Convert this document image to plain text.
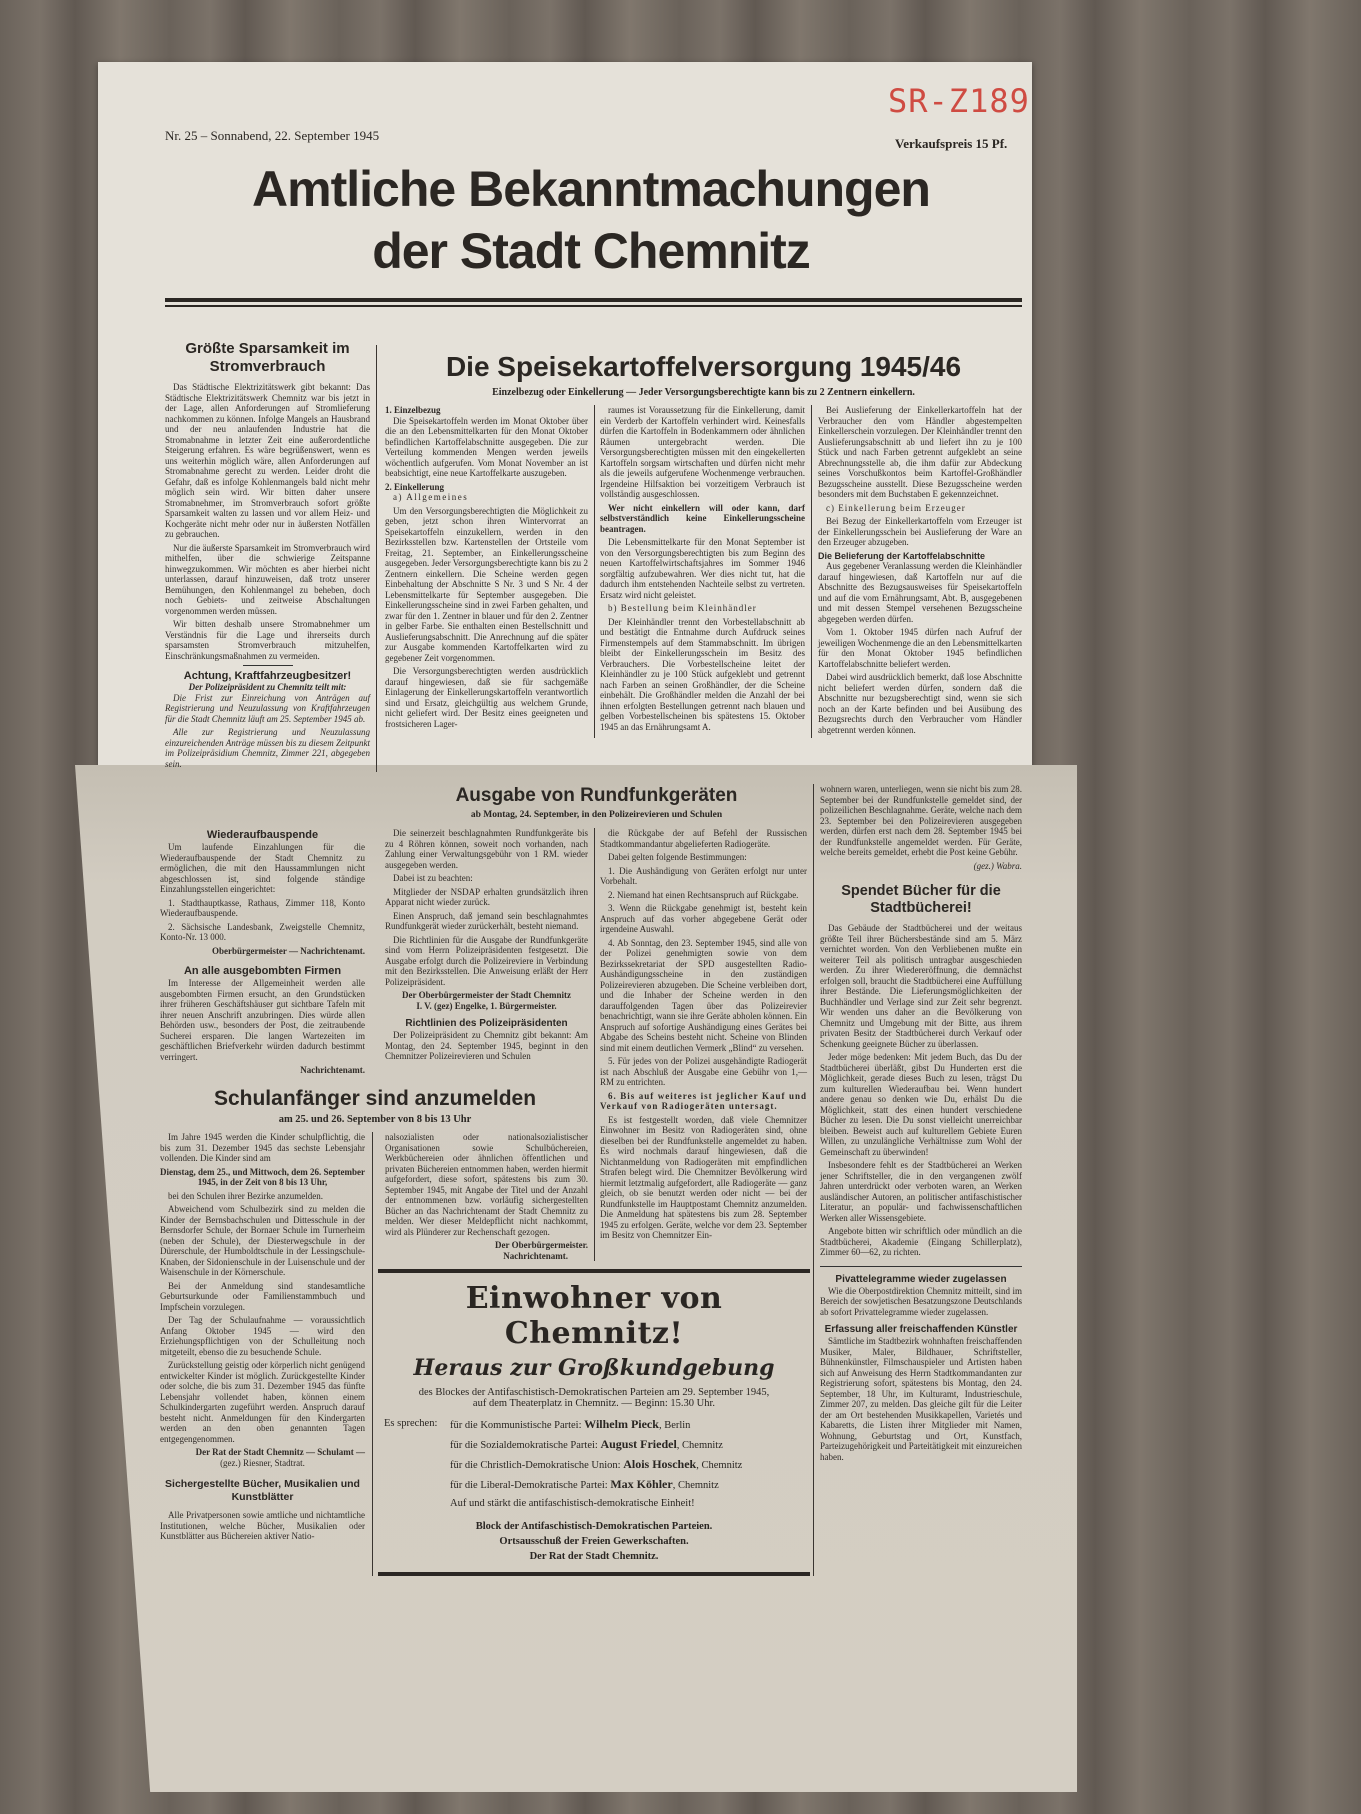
SR-Z189
Nr. 25 – Sonnabend, 22. September 1945
Verkaufspreis 15 Pf.
Amtliche Bekanntmachungen
der Stadt Chemnitz
Größte Sparsamkeit im Stromverbrauch

Das Städtische Elektrizitätswerk gibt bekannt: Das Städtische Elektrizitätswerk Chemnitz war bis jetzt in der Lage, allen Anforderungen auf Stromlieferung nachkommen zu können. Infolge Mangels an Hausbrand und der neu anlaufenden Industrie hat die Stromabnahme in letzter Zeit eine außerordentliche Steigerung erfahren. Es wäre begrüßenswert, wenn es uns weiterhin möglich wäre, allen Anforderungen auf Stromabnahme gerecht zu werden. Leider droht die Gefahr, daß es infolge Kohlenmangels bald nicht mehr möglich sein wird. Wir bitten daher unsere Stromabnehmer, im Stromverbrauch sofort größte Sparsamkeit walten zu lassen und vor allem Heiz- und Kochgeräte nicht mehr oder nur in äußersten Notfällen zu gebrauchen.

Nur die äußerste Sparsamkeit im Stromverbrauch wird mithelfen, über die schwierige Zeitspanne hinwegzukommen. Wir möchten es aber hierbei nicht unterlassen, darauf hinzuweisen, daß trotz unserer Bemühungen, den Kohlenmangel zu beheben, doch noch Gebiets- und zeitweise Abschaltungen vorgenommen werden müssen.

Wir bitten deshalb unsere Stromabnehmer um Verständnis für die Lage und ihrerseits durch sparsamsten Stromverbrauch mitzuhelfen, Einschränkungsmaßnahmen zu vermeiden.

Achtung, Kraftfahrzeugbesitzer!
Der Polizeipräsident zu Chemnitz teilt mit:

Die Frist zur Einreichung von Anträgen auf Registrierung und Neuzulassung von Kraftfahrzeugen für die Stadt Chemnitz läuft am 25. September 1945 ab.

Alle zur Registrierung und Neuzulassung einzureichenden Anträge müssen bis zu diesem Zeitpunkt im Polizeipräsidium Chemnitz, Zimmer 221, abgegeben sein.

Die Speisekartoffelversorgung 1945/46
Einzelbezug oder Einkellerung — Jeder Versorgungsberechtigte kann bis zu 2 Zentnern einkellern.
1. Einzelbezug

Die Speisekartoffeln werden im Monat Oktober über die an den Lebensmittelkarten für den Monat Oktober befindlichen Kartoffelabschnitte ausgegeben. Die zur Verteilung kommenden Mengen werden jeweils wöchentlich aufgerufen. Vom Monat November an ist beabsichtigt, eine neue Kartoffelkarte auszugeben.

2. Einkellerung

a) Allgemeines

Um den Versorgungsberechtigten die Möglichkeit zu geben, jetzt schon ihren Wintervorrat an Speisekartoffeln einzukellern, werden in den Bezirksstellen bzw. Kartenstellen der Ortsteile vom Freitag, 21. September, an Einkellerungsscheine ausgegeben. Jeder Versorgungsberechtigte kann bis zu 2 Zentnern einkellern. Die Scheine werden gegen Einbehaltung der Abschnitte S Nr. 3 und S Nr. 4 der Lebensmittelkarte für September ausgegeben. Die Einkellerungsscheine sind in zwei Farben gehalten, und zwar für den 1. Zentner in blauer und für den 2. Zentner in gelber Farbe. Sie enthalten einen Bestellschnitt und Auslieferungsabschnitt. Die Anrechnung auf die später zur Ausgabe kommenden Kartoffelkarten wird zu gegebener Zeit vorgenommen.

Die Versorgungsberechtigten werden ausdrücklich darauf hingewiesen, daß sie für sachgemäße Einlagerung der Einkellerungskartoffeln verantwortlich sind und Ersatz, gleichgültig aus welchem Grunde, nicht geliefert wird. Der Besitz eines geeigneten und frostsicheren Lager-

raumes ist Voraussetzung für die Einkellerung, damit ein Verderb der Kartoffeln verhindert wird. Keinesfalls dürfen die Kartoffeln in Bodenkammern oder ähnlichen Räumen untergebracht werden. Die Versorgungsberechtigten müssen mit den eingekellerten Kartoffeln sorgsam wirtschaften und dürfen nicht mehr als die jeweils aufgerufene Wochenmenge verbrauchen. Irgendeine Hilfsaktion bei vorzeitigem Verbrauch ist vollständig ausgeschlossen.

Wer nicht einkellern will oder kann, darf selbstverständlich keine Einkellerungsscheine beantragen.

Die Lebensmittelkarte für den Monat September ist von den Versorgungsberechtigten bis zum Beginn des neuen Kartoffelwirtschaftsjahres im Sommer 1946 sorgfältig aufzubewahren. Wer dies nicht tut, hat die dadurch ihm entstehenden Nachteile selbst zu vertreten. Ersatz wird nicht geleistet.

b) Bestellung beim Kleinhändler

Der Kleinhändler trennt den Vorbestellabschnitt ab und bestätigt die Entnahme durch Aufdruck seines Firmenstempels auf dem Stammabschnitt. Im übrigen bleibt der Einkellerungsschein im Besitz des Verbrauchers. Die Vorbestellscheine leitet der Kleinhändler zu je 100 Stück aufgeklebt und getrennt nach Farben an seinen Großhändler, der die Scheine einbehält. Die Großhändler melden die Anzahl der bei ihnen erfolgten Bestellungen getrennt nach blauen und gelben Vorbestellscheinen bis spätestens 15. Oktober 1945 an das Ernährungsamt A.

Bei Auslieferung der Einkellerkartoffeln hat der Verbraucher den vom Händler abgestempelten Einkellerschein vorzulegen. Der Kleinhändler trennt den Auslieferungsabschnitt ab und liefert ihn zu je 100 Stück und nach Farben getrennt aufgeklebt an seine Abrechnungsstelle ab, die ihm dafür zur Abdeckung seines Vorschußkontos beim Kartoffel-Großhändler Bezugsscheine ausstellt. Diese Bezugsscheine werden besonders mit dem Buchstaben E gekennzeichnet.

c) Einkellerung beim Erzeuger

Bei Bezug der Einkellerkartoffeln vom Erzeuger ist der Einkellerungsschein bei Auslieferung der Ware an den Erzeuger abzugeben.

Die Belieferung der Kartoffelabschnitte

Aus gegebener Veranlassung werden die Kleinhändler darauf hingewiesen, daß Kartoffeln nur auf die Abschnitte des Bezugsausweises für Speisekartoffeln und auf die vom Ernährungsamt, Abt. B, ausgegebenen und mit dessen Stempel versehenen Bezugsscheine abgegeben werden dürfen.

Vom 1. Oktober 1945 dürfen nach Aufruf der jeweiligen Wochenmenge die an den Lebensmittelkarten für den Monat Oktober 1945 befindlichen Kartoffelabschnitte beliefert werden.

Dabei wird ausdrücklich bemerkt, daß lose Abschnitte nicht beliefert werden dürfen, sondern daß die Abschnitte nur bezugsberechtigt sind, wenn sie sich noch an der Karte befinden und bei Ausübung des Bezugsrechts durch den Verbraucher vom Händler abgetrennt werden können.

Ausgabe von Rundfunkgeräten
ab Montag, 24. September, in den Polizeirevieren und Schulen

Die seinerzeit beschlagnahmten Rundfunkgeräte bis zu 4 Röhren können, soweit noch vorhanden, nach Zahlung einer Verwaltungsgebühr von 1 RM. wieder ausgegeben werden.

Dabei ist zu beachten:

Mitglieder der NSDAP erhalten grundsätzlich ihren Apparat nicht wieder zurück.

Einen Anspruch, daß jemand sein beschlagnahmtes Rundfunkgerät wieder zurückerhält, besteht niemand.

Die Richtlinien für die Ausgabe der Rundfunkgeräte sind vom Herrn Polizeipräsidenten festgesetzt. Die Ausgabe erfolgt durch die Polizeireviere in Verbindung mit den Bezirksstellen. Die Anweisung erläßt der Herr Polizeipräsident.

Der Oberbürgermeister der Stadt Chemnitz
I. V. (gez) Engelke, 1. Bürgermeister.
Richtlinien des Polizeipräsidenten

Der Polizeipräsident zu Chemnitz gibt bekannt: Am Montag, den 24. September 1945, beginnt in den Chemnitzer Polizeirevieren und Schulen

die Rückgabe der auf Befehl der Russischen Stadtkommandantur abgelieferten Radiogeräte.

Dabei gelten folgende Bestimmungen:

1. Die Aushändigung von Geräten erfolgt nur unter Vorbehalt.

2. Niemand hat einen Rechtsanspruch auf Rückgabe.

3. Wenn die Rückgabe genehmigt ist, besteht kein Anspruch auf das vorher abgegebene Gerät oder irgendeine Auswahl.

4. Ab Sonntag, den 23. September 1945, sind alle von der Polizei genehmigten sowie von dem Bezirkssekretariat der SPD ausgestellten Radio-Aushändigungsscheine in den zuständigen Polizeirevieren abzugeben. Die Scheine verbleiben dort, und die Inhaber der Scheine werden in den darauffolgenden Tagen über das Polizeirevier benachrichtigt, wann sie ihre Geräte abholen können. Ein Anspruch auf sofortige Aushändigung eines Gerätes bei Abgabe des Scheins besteht nicht. Scheine von Blinden sind mit einem deutlichen Vermerk „Blind“ zu versehen.

5. Für jedes von der Polizei ausgehändigte Radiogerät ist nach Abschluß der Ausgabe eine Gebühr von 1,— RM zu entrichten.

6. Bis auf weiteres ist jeglicher Kauf und Verkauf von Radiogeräten untersagt.

Es ist festgestellt worden, daß viele Chemnitzer Einwohner im Besitz von Radiogeräten sind, ohne dieselben bei der Rundfunkstelle angemeldet zu haben. Es wird nochmals darauf hingewiesen, daß die Nichtanmeldung von Radiogeräten mit empfindlichen Strafen belegt wird. Die Chemnitzer Bevölkerung wird hiermit letztmalig aufgefordert, alle Radiogeräte — ganz gleich, ob sie benutzt werden oder nicht — bei der Rundfunkstelle im Hauptpostamt Chemnitz anzumelden. Die Anmeldung hat spätestens bis zum 28. September 1945 zu erfolgen. Geräte, welche vor dem 23. September im Besitz von Chemnitzer Ein-

wohnern waren, unterliegen, wenn sie nicht bis zum 28. September bei der Rundfunkstelle gemeldet sind, der polizeilichen Beschlagnahme. Geräte, welche nach dem 23. September bei den Polizeirevieren ausgegeben werden, dürfen erst nach dem 28. September 1945 bei der Rundfunkstelle angemeldet werden. Für Geräte, welche bereits gemeldet, erhebt die Post keine Gebühr.

(gez.) Wabra.
Spendet Bücher für die Stadtbücherei!

Das Gebäude der Stadtbücherei und der weitaus größte Teil ihrer Büchersbestände sind am 5. März vernichtet worden. Von den Verbliebenen mußte ein weiterer Teil als politisch untragbar ausgeschieden werden. Zu ihrer Wiedereröffnung, die demnächst erfolgen soll, braucht die Stadtbücherei eine Auffüllung ihrer Bestände. Die Lieferungsmöglichkeiten der Buchhändler und Verlage sind zur Zeit sehr begrenzt. Wir wenden uns daher an die Bevölkerung von Chemnitz und Umgebung mit der Bitte, aus ihrem privaten Besitz der Stadtbücherei durch Verkauf oder Schenkung geeignete Bücher zu überlassen.

Jeder möge bedenken: Mit jedem Buch, das Du der Stadtbücherei überläßt, gibst Du Hunderten erst die Möglichkeit, gerade dieses Buch zu lesen, trägst Du zum kulturellen Wiederaufbau bei. Wenn hundert andere genau so denken wie Du, erhälst Du die Möglichkeit, statt des einen hundert verschiedene Bücher zu lesen. Die Du sonst vielleicht unerreichbar bleiben. Beweist auch auf kulturellem Gebiete Euren Willen, zu unzulängliche Verhältnisse zum Wohl der Gemeinschaft zu überwinden!

Insbesondere fehlt es der Stadtbücherei an Werken jener Schriftsteller, die in den vergangenen zwölf Jahren unterdrückt oder verboten waren, an Werken ausländischer Autoren, an politischer antifaschistischer Literatur, an populär- und fachwissenschaftlichen Werken aller Wissensgebiete.

Angebote bitten wir schriftlich oder mündlich an die Stadtbücherei, Akademie (Eingang Schillerplatz), Zimmer 60—62, zu richten.

Pivattelegramme wieder zugelassen

Wie die Oberpostdirektion Chemnitz mitteilt, sind im Bereich der sowjetischen Besatzungszone Deutschlands ab sofort Privattelegramme wieder zugelassen.

Erfassung aller freischaffenden Künstler

Sämtliche im Stadtbezirk wohnhaften freischaffenden Musiker, Maler, Bildhauer, Schriftsteller, Bühnenkünstler, Filmschauspieler und Artisten haben sich auf Anweisung des Herrn Stadtkommandanten zur Registrierung sofort, spätestens bis Montag, den 24. September, 18 Uhr, im Kulturamt, Industrieschule, Zimmer 207, zu melden. Das gleiche gilt für die Leiter der am Ort bestehenden Musikkapellen, Varietés und Kabaretts, die Listen ihrer Mitglieder mit Namen, Wohnung, Geburtstag und Ort, Kunstfach, Parteizugehörigkeit und Parteitätigkeit mit einzureichen haben.

Wiederaufbauspende

Um laufende Einzahlungen für die Wiederaufbauspende der Stadt Chemnitz zu ermöglichen, die mit den Haussammlungen nicht abgeschlossen ist, sind folgende ständige Einzahlungsstellen eingerichtet:

1. Stadthauptkasse, Rathaus, Zimmer 118, Konto Wiederaufbauspende.

2. Sächsische Landesbank, Zweigstelle Chemnitz, Konto-Nr. 13 000.

Oberbürgermeister — Nachrichtenamt.
An alle ausgebombten Firmen

Im Interesse der Allgemeinheit werden alle ausgebombten Firmen ersucht, an den Grundstücken ihrer früheren Geschäftshäuser gut sichtbare Tafeln mit ihrer neuen Anschrift anzubringen. Dies würde allen Behörden usw., besonders der Post, die zeitraubende Sucherei ersparen. Die langen Wartezeiten im geschäftlichen Briefverkehr würden dadurch bestimmt verringert.

Nachrichtenamt.
Schulanfänger sind anzumelden
am 25. und 26. September von 8 bis 13 Uhr

Im Jahre 1945 werden die Kinder schulpflichtig, die bis zum 31. Dezember 1945 das sechste Lebensjahr vollenden. Die Kinder sind am

Dienstag, dem 25., und Mittwoch, dem 26. September 1945, in der Zeit von 8 bis 13 Uhr,

bei den Schulen ihrer Bezirke anzumelden.

Abweichend vom Schulbezirk sind zu melden die Kinder der Bernsbachschulen und Dittesschule in der Bernsdorfer Schule, der Bornaer Schule im Turnerheim (neben der Schule), der Diesterwegschule in der Dürerschule, der Humboldtschule in der Lessingschule-Knaben, der Sidonienschule in der Luisenschule und der Waisenschule in der Körnerschule.

Bei der Anmeldung sind standesamtliche Geburtsurkunde oder Familienstammbuch und Impfschein vorzulegen.

Der Tag der Schulaufnahme — voraussichtlich Anfang Oktober 1945 — wird den Erziehungspflichtigen von der Schulleitung noch mitgeteilt, ebenso die zu besuchende Schule.

Zurückstellung geistig oder körperlich nicht genügend entwickelter Kinder ist möglich. Zurückgestellte Kinder oder solche, die bis zum 31. Dezember 1945 das fünfte Lebensjahr vollendet haben, können einem Schulkindergarten zugeführt werden. Anspruch darauf besteht nicht. Anmeldungen für den Kindergarten werden an den oben genannten Tagen entgegengenommen.

Der Rat der Stadt Chemnitz — Schulamt —
(gez.) Riesner, Stadtrat.
Sichergestellte Bücher, Musikalien und Kunstblätter

Alle Privatpersonen sowie amtliche und nichtamtliche Institutionen, welche Bücher, Musikalien oder Kunstblätter aus Büchereien aktiver Natio-

nalsozialisten oder nationalsozialistischer Organisationen sowie Schulbüchereien, Werkbüchereien oder ähnlichen öffentlichen und privaten Büchereien entnommen haben, werden hiermit aufgefordert, diese sofort, spätestens bis zum 30. September 1945, mit Angabe der Titel und der Anzahl der entnommenen bzw. vorläufig sichergestellten Bücher an das Nachrichtenamt der Stadt Chemnitz zu melden. Wer dieser Meldepflicht nicht nachkommt, wird als Plünderer zur Rechenschaft gezogen.

Der Oberbürgermeister.
Nachrichtenamt.
Einwohner von Chemnitz!
Heraus zur Großkundgebung
des Blockes der Antifaschistisch-Demokratischen Parteien am 29. September 1945,
auf dem Theaterplatz in Chemnitz. — Beginn: 15.30 Uhr.
Es sprechen:	für die Kommunistische Partei: Wilhelm Pieck, Berlin
für die Sozialdemokratische Partei: August Friedel, Chemnitz
für die Christlich-Demokratische Union: Alois Hoschek, Chemnitz
für die Liberal-Demokratische Partei: Max Köhler, Chemnitz
Auf und stärkt die antifaschistisch-demokratische Einheit!
Block der Antifaschistisch-Demokratischen Parteien.
Ortsausschuß der Freien Gewerkschaften.
Der Rat der Stadt Chemnitz.
